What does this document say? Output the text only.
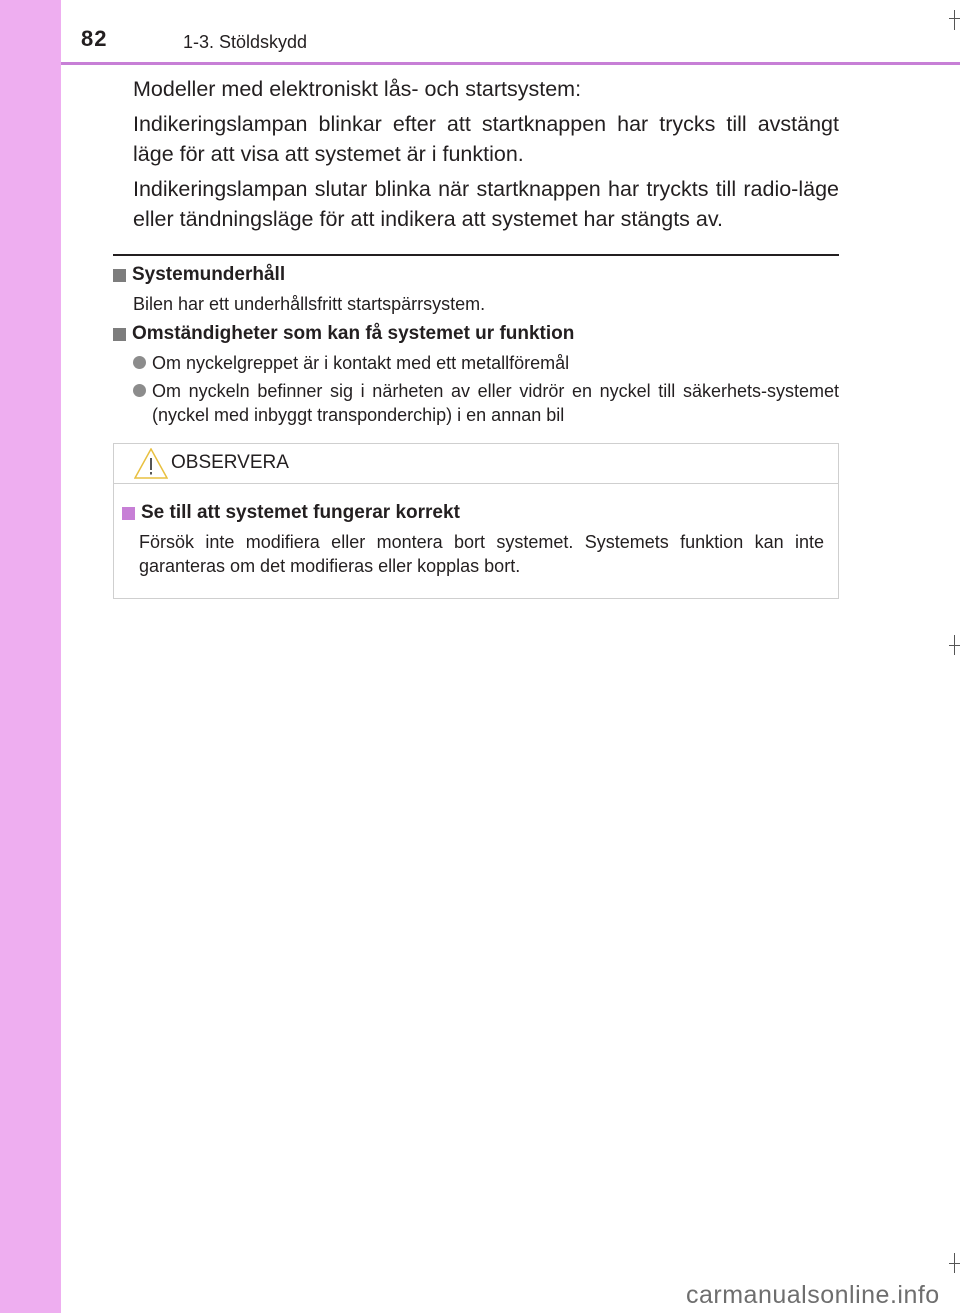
82	1-3. Stöldskydd

Modeller med elektroniskt lås- och startsystem:

Indikeringslampan blinkar efter att startknappen har trycks till avstängt läge för att visa att systemet är i funktion.

Indikeringslampan slutar blinka när startknappen har tryckts till radio-läge eller tändningsläge för att indikera att systemet har stängts av.

Systemunderhåll
Bilen har ett underhållsfritt startspärrsystem.
Omständigheter som kan få systemet ur funktion
Om nyckelgreppet är i kontakt med ett metallföremål
Om nyckeln befinner sig i närheten av eller vidrör en nyckel till säkerhets-systemet (nyckel med inbyggt transponderchip) i en annan bil
OBSERVERA
Se till att systemet fungerar korrekt
Försök inte modifiera eller montera bort systemet. Systemets funktion kan inte garanteras om det modifieras eller kopplas bort.
carmanualsonline.info
